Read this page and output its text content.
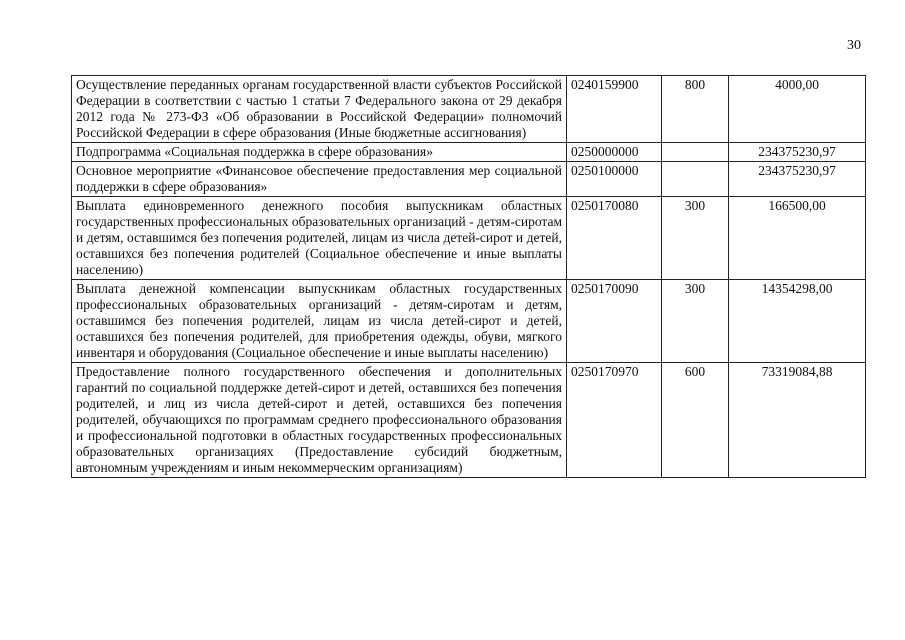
30
Осуществление переданных органам государственной власти субъектов Российской Федерации в соответствии с частью 1 статьи 7 Федерального закона от 29 декабря 2012 года № 273-ФЗ «Об образовании в Российской Федерации» полномочий Российской Федерации в сфере образования (Иные бюджетные ассигнования)	0240159900	800	4000,00
Подпрограмма «Социальная поддержка в сфере образования»	0250000000		234375230,97
Основное мероприятие «Финансовое обеспечение предоставления мер социальной поддержки в сфере образования»	0250100000		234375230,97
Выплата единовременного денежного пособия выпускникам областных государственных профессиональных образовательных организаций - детям-сиротам и детям, оставшимся без попечения родителей, лицам из числа детей-сирот и детей, оставшихся без попечения родителей (Социальное обеспечение и иные выплаты населению)	0250170080	300	166500,00
Выплата денежной компенсации выпускникам областных государственных профессиональных образовательных организаций - детям-сиротам и детям, оставшимся без попечения родителей, лицам из числа детей-сирот и детей, оставшихся без попечения родителей, для приобретения одежды, обуви, мягкого инвентаря и оборудования (Социальное обеспечение и иные выплаты населению)	0250170090	300	14354298,00
Предоставление полного государственного обеспечения и дополнительных гарантий по социальной поддержке детей-сирот и детей, оставшихся без попечения родителей, и лиц из числа детей-сирот и детей, оставшихся без попечения родителей, обучающихся по программам среднего профессионального образования и профессиональной подготовки в областных государственных профессиональных образовательных организациях (Предоставление субсидий бюджетным, автономным учреждениям и иным некоммерческим организациям)	0250170970	600	73319084,88
